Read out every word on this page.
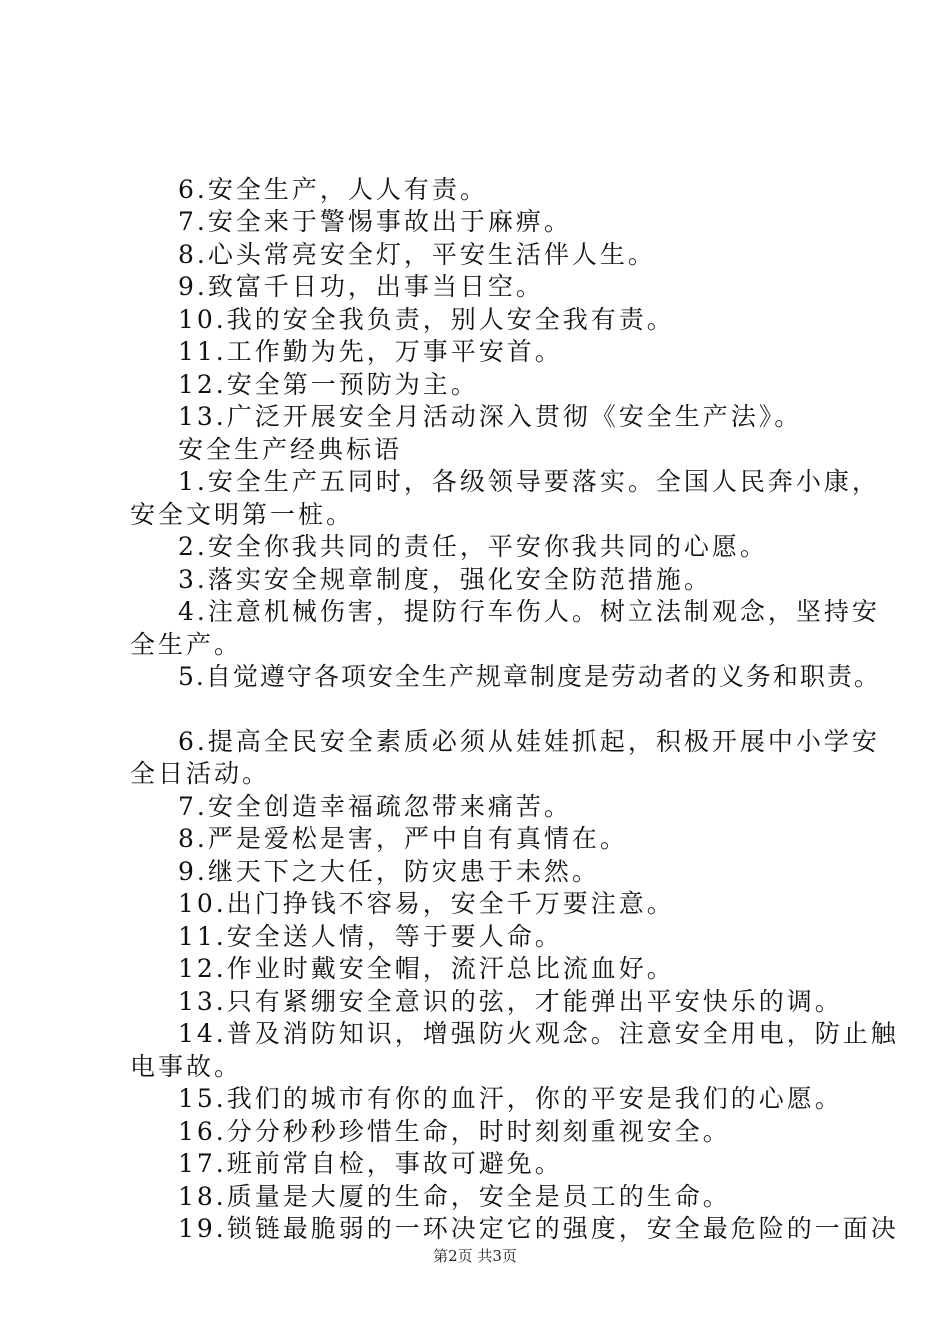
6.安全生产，人人有责。
7.安全来于警惕事故出于麻痹。
8.心头常亮安全灯，平安生活伴人生。
9.致富千日功，出事当日空。
10.我的安全我负责，别人安全我有责。
11.工作勤为先，万事平安首。
12.安全第一预防为主。
13.广泛开展安全月活动深入贯彻《安全生产法》。
安全生产经典标语
1.安全生产五同时，各级领导要落实。全国人民奔小康，
安全文明第一桩。
2.安全你我共同的责任，平安你我共同的心愿。
3.落实安全规章制度，强化安全防范措施。
4.注意机械伤害，提防行车伤人。树立法制观念，坚持安
全生产。
5.自觉遵守各项安全生产规章制度是劳动者的义务和职责。
6.提高全民安全素质必须从娃娃抓起，积极开展中小学安
全日活动。
7.安全创造幸福疏忽带来痛苦。
8.严是爱松是害，严中自有真情在。
9.继天下之大任，防灾患于未然。
10.出门挣钱不容易，安全千万要注意。
11.安全送人情，等于要人命。
12.作业时戴安全帽，流汗总比流血好。
13.只有紧绷安全意识的弦，才能弹出平安快乐的调。
14.普及消防知识，增强防火观念。注意安全用电，防止触
电事故。
15.我们的城市有你的血汗，你的平安是我们的心愿。
16.分分秒秒珍惜生命，时时刻刻重视安全。
17.班前常自检，事故可避免。
18.质量是大厦的生命，安全是员工的生命。
19.锁链最脆弱的一环决定它的强度，安全最危险的一面决
第2页 共3页
